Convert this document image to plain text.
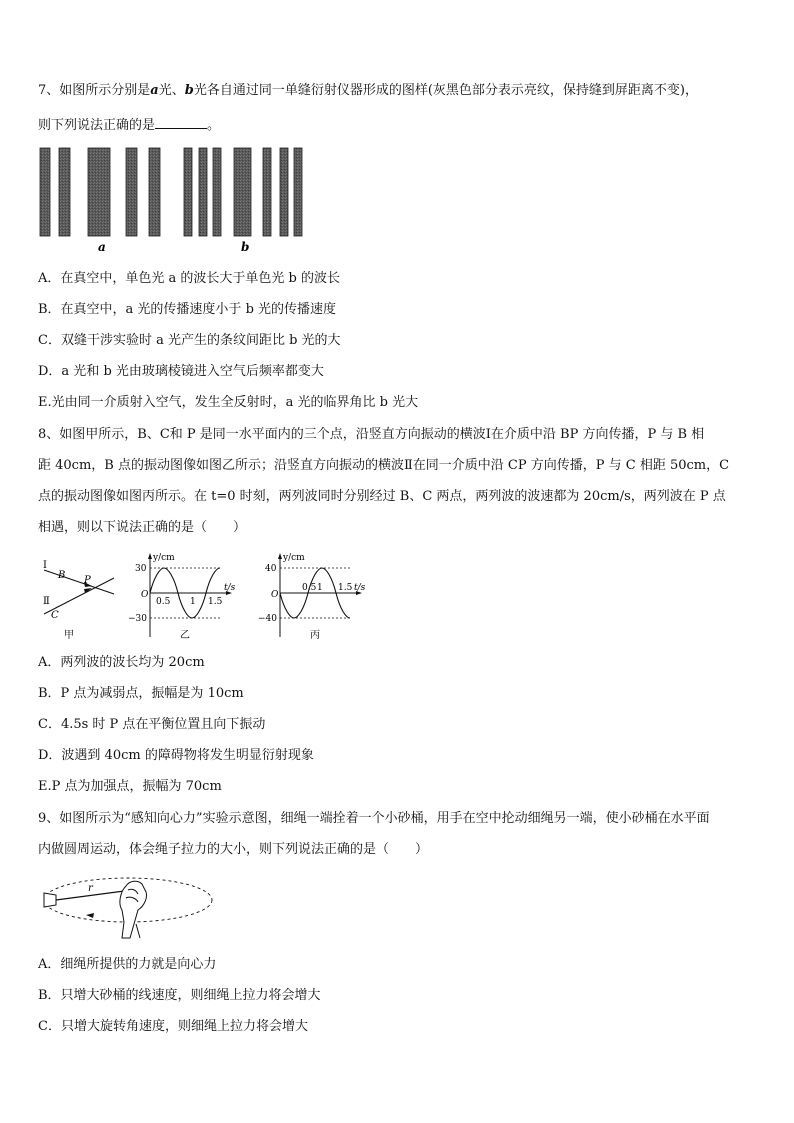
7、如图所示分别是a光、b光各自通过同一单缝衍射仪器形成的图样(灰黑色部分表示亮纹，保持缝到屏距离不变)，
则下列说法正确的是	。
a	b
A．在真空中，单色光 a 的波长大于单色光 b 的波长
B．在真空中，a 光的传播速度小于 b 光的传播速度
C．双缝干涉实验时 a 光产生的条纹间距比 b 光的大
D．a 光和 b 光由玻璃棱镜进入空气后频率都变大
E.光由同一介质射入空气，发生全反射时，a 光的临界角比 b 光大
8、如图甲所示，B、C和 P 是同一水平面内的三个点，沿竖直方向振动的横波Ⅰ在介质中沿 BP 方向传播，P 与 B 相
距 40cm，B 点的振动图像如图乙所示；沿竖直方向振动的横波Ⅱ在同一介质中沿 CP 方向传播，P 与 C 相距 50cm，C
点的振动图像如图丙所示。在 t=0 时刻，两列波同时分别经过 B、C 两点，两列波的波速都为 20cm/s，两列波在 P 点
相遇，则以下说法正确的是（　　）
Ⅰ
B P
Ⅱ
C
甲
y/cm
t/s
30
−30
O
0.5 1 1.5
乙
y/cm
t/s
40
−40
O
0.5 1 1.5
丙
A．两列波的波长均为 20cm
B．P 点为减弱点，振幅是为 10cm
C．4.5s 时 P 点在平衡位置且向下振动
D．波遇到 40cm 的障碍物将发生明显衍射现象
E.P 点为加强点，振幅为 70cm
9、如图所示为“感知向心力”实验示意图，细绳一端拴着一个小砂桶，用手在空中抡动细绳另一端，使小砂桶在水平面
内做圆周运动，体会绳子拉力的大小，则下列说法正确的是（　　）
r
A．细绳所提供的力就是向心力
B．只增大砂桶的线速度，则细绳上拉力将会增大
C．只增大旋转角速度，则细绳上拉力将会增大
